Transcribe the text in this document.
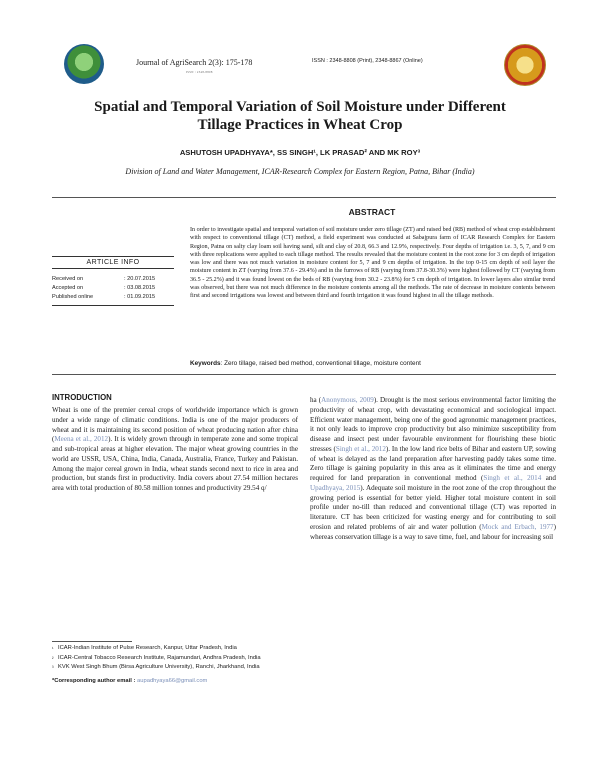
Journal of AgriSearch 2(3): 175-178
ISSN : 2348-8808
ISSN : 2348-8808 (Print), 2348-8867 (Online)
Spatial and Temporal Variation of Soil Moisture under Different
Tillage Practices in Wheat Crop
ASHUTOSH UPADHYAYA*, SS SINGH¹, LK PRASAD² AND MK ROY³
Division of Land and Water Management, ICAR-Research Complex for Eastern Region, Patna, Bihar (India)
ARTICLE INFO
Received on	: 20.07.2015
Accepted on	: 03.08.2015
Published online	: 01.09.2015
ABSTRACT
In order to investigate spatial and temporal variation of soil moisture under zero tillage (ZT) and raised bed (RB) method of wheat crop establishment with respect to conventional tillage (CT) method, a field experiment was conducted at Sabajpura farm of ICAR Research Complex for Eastern Region, Patna on salty clay loam soil having sand, silt and clay of 20.8, 66.3 and 12.9%, respectively. Four depths of irrigation i.e. 3, 5, 7, and 9 cm with three replications were applied to each tillage method. The results revealed that the moisture content in the root zone for 3 cm depth of irrigation was low and there was not much variation in moisture content for 5, 7 and 9 cm depths of irrigation. In the top 0-15 cm depth of soil layer the moisture content in ZT (varying from 37.6 - 29.4%) and in the furrows of RB (varying from 37.8-30.3%) were highest followed by CT (varying from 36.5 - 25.2%) and it was found lowest on the beds of RB (varying from 30.2 - 23.8%) for 5 cm depth of irrigation. In lower layers also similar trend was observed, but there was not much difference in the moisture contents among all the methods. The rate of decrease in moisture contents between first and second irrigations was lowest and between third and fourth irrigation it was found highest in all the tillage methods.
Keywords: Zero tillage, raised bed method, conventional tillage, moisture content
INTRODUCTION
Wheat is one of the premier cereal crops of worldwide importance which is grown under a wide range of climatic conditions. India is one of the major producers of wheat and it is maintaining its second position of wheat producing nation after china (Meena et al., 2012). It is widely grown through in temperate zone and some tropical and sub-tropical areas at higher elevation. The major wheat growing countries in the world are USSR, USA, China, India, Canada, Australia, France, Turkey and Pakistan. Among the major cereal grown in India, wheat stands second next to rice in area and production, but stands first in productivity. India covers about 27.54 million hectares area with total production of 80.58 million tonnes and productivity 29.54 q/
ha (Anonymous, 2009). Drought is the most serious environmental factor limiting the productivity of wheat crop, with devastating economical and sociological impact. Efficient water management, being one of the good agronomic management practices, it not only leads to improve crop productivity but also minimize susceptibility from disease and insect pest under favourable environment for flourishing these biotic stresses (Singh et al., 2012). In the low land rice belts of Bihar and eastern UP, sowing of wheat is delayed as the land preparation after harvesting paddy takes some time. Zero tillage is gaining popularity in this area as it eliminates the time and energy required for land preparation in conventional method (Singh et al., 2014 and Upadhyaya, 2015). Adequate soil moisture in the root zone of the crop throughout the growing period is essential for better yield. Higher total moisture content in soil profile under no-till than reduced and conventional tillage (CT) was reported in literature. CT has been criticized for wasting energy and for contributing to soil erosion and related problems of air and water pollution (Mock and Erbach, 1977) whereas conservation tillage is a way to save time, fuel, and labour for increasing soil
¹ ICAR-Indian Institute of Pulse Research, Kanpur, Uttar Pradesh, India
² ICAR-Central Tobacco Research Institute, Rajamundari, Andhra Pradesh, India
³ KVK West Singh Bhum (Birsa Agriculture University), Ranchi, Jharkhand, India
*Corresponding author email : aupadhyaya66@gmail.com
